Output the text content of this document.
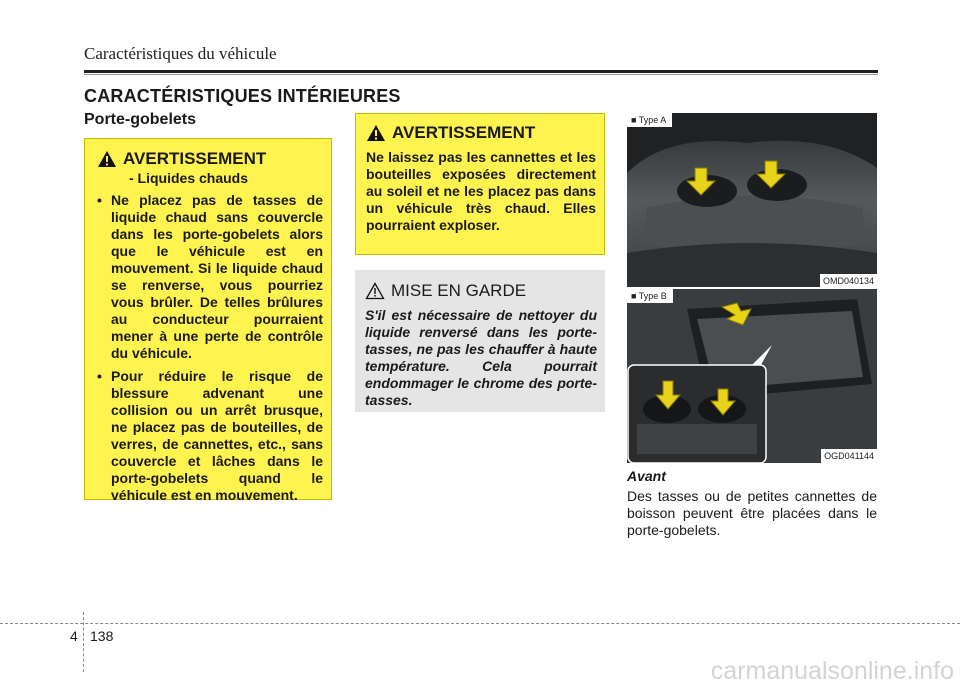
Caractéristiques du véhicule
CARACTÉRISTIQUES INTÉRIEURES
Porte-gobelets
AVERTISSEMENT
- Liquides chauds
• Ne placez pas de tasses de liquide chaud sans couvercle dans les porte-gobelets alors que le véhicule est en mouvement. Si le liquide chaud se renverse, vous pourriez vous brûler. De telles brûlures au conducteur pourraient mener à une perte de contrôle du véhicule.
• Pour réduire le risque de blessure advenant une collision ou un arrêt brusque, ne placez pas de bouteilles, de verres, de cannettes, etc., sans couvercle et lâches dans le porte-gobelets quand le véhicule est en mouvement.
AVERTISSEMENT
Ne laissez pas les cannettes et les bouteilles exposées directement au soleil et ne les placez pas dans un véhicule très chaud. Elles pourraient exploser.
MISE EN GARDE
S'il est nécessaire de nettoyer du liquide renversé dans les porte-tasses, ne pas les chauffer à haute température. Cela pourrait endommager le chrome des porte-tasses.
■ Type A
OMD040134
■ Type B
OGD041144
Avant
Des tasses ou de petites cannettes de boisson peuvent être placées dans le porte-gobelets.
4 138
carmanualsonline.info
